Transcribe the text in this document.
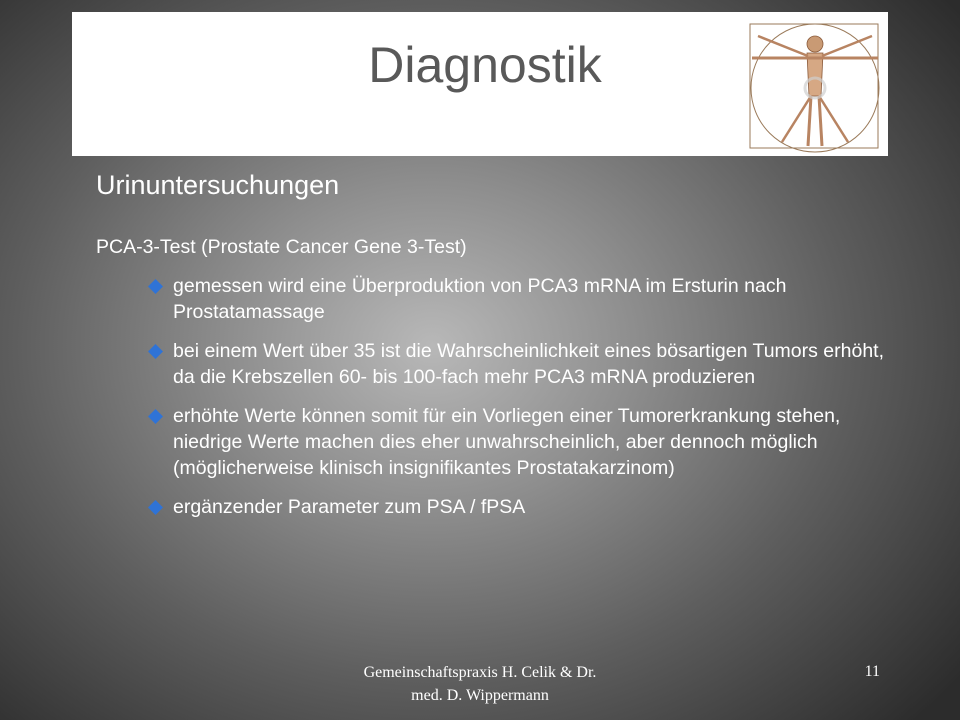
Diagnostik
Urinuntersuchungen
PCA-3-Test (Prostate Cancer Gene 3-Test)
gemessen wird eine Überproduktion von PCA3 mRNA im Ersturin nach Prostatamassage
bei einem Wert über 35 ist die Wahrscheinlichkeit eines bösartigen Tumors erhöht, da die Krebszellen 60- bis 100-fach mehr PCA3 mRNA produzieren
erhöhte Werte können somit für ein Vorliegen einer Tumorerkrankung stehen, niedrige Werte machen dies eher unwahrscheinlich, aber dennoch möglich (möglicherweise klinisch insignifikantes Prostatakarzinom)
ergänzender Parameter zum PSA / fPSA
Gemeinschaftspraxis H. Celik & Dr.
med. D. Wippermann
11
